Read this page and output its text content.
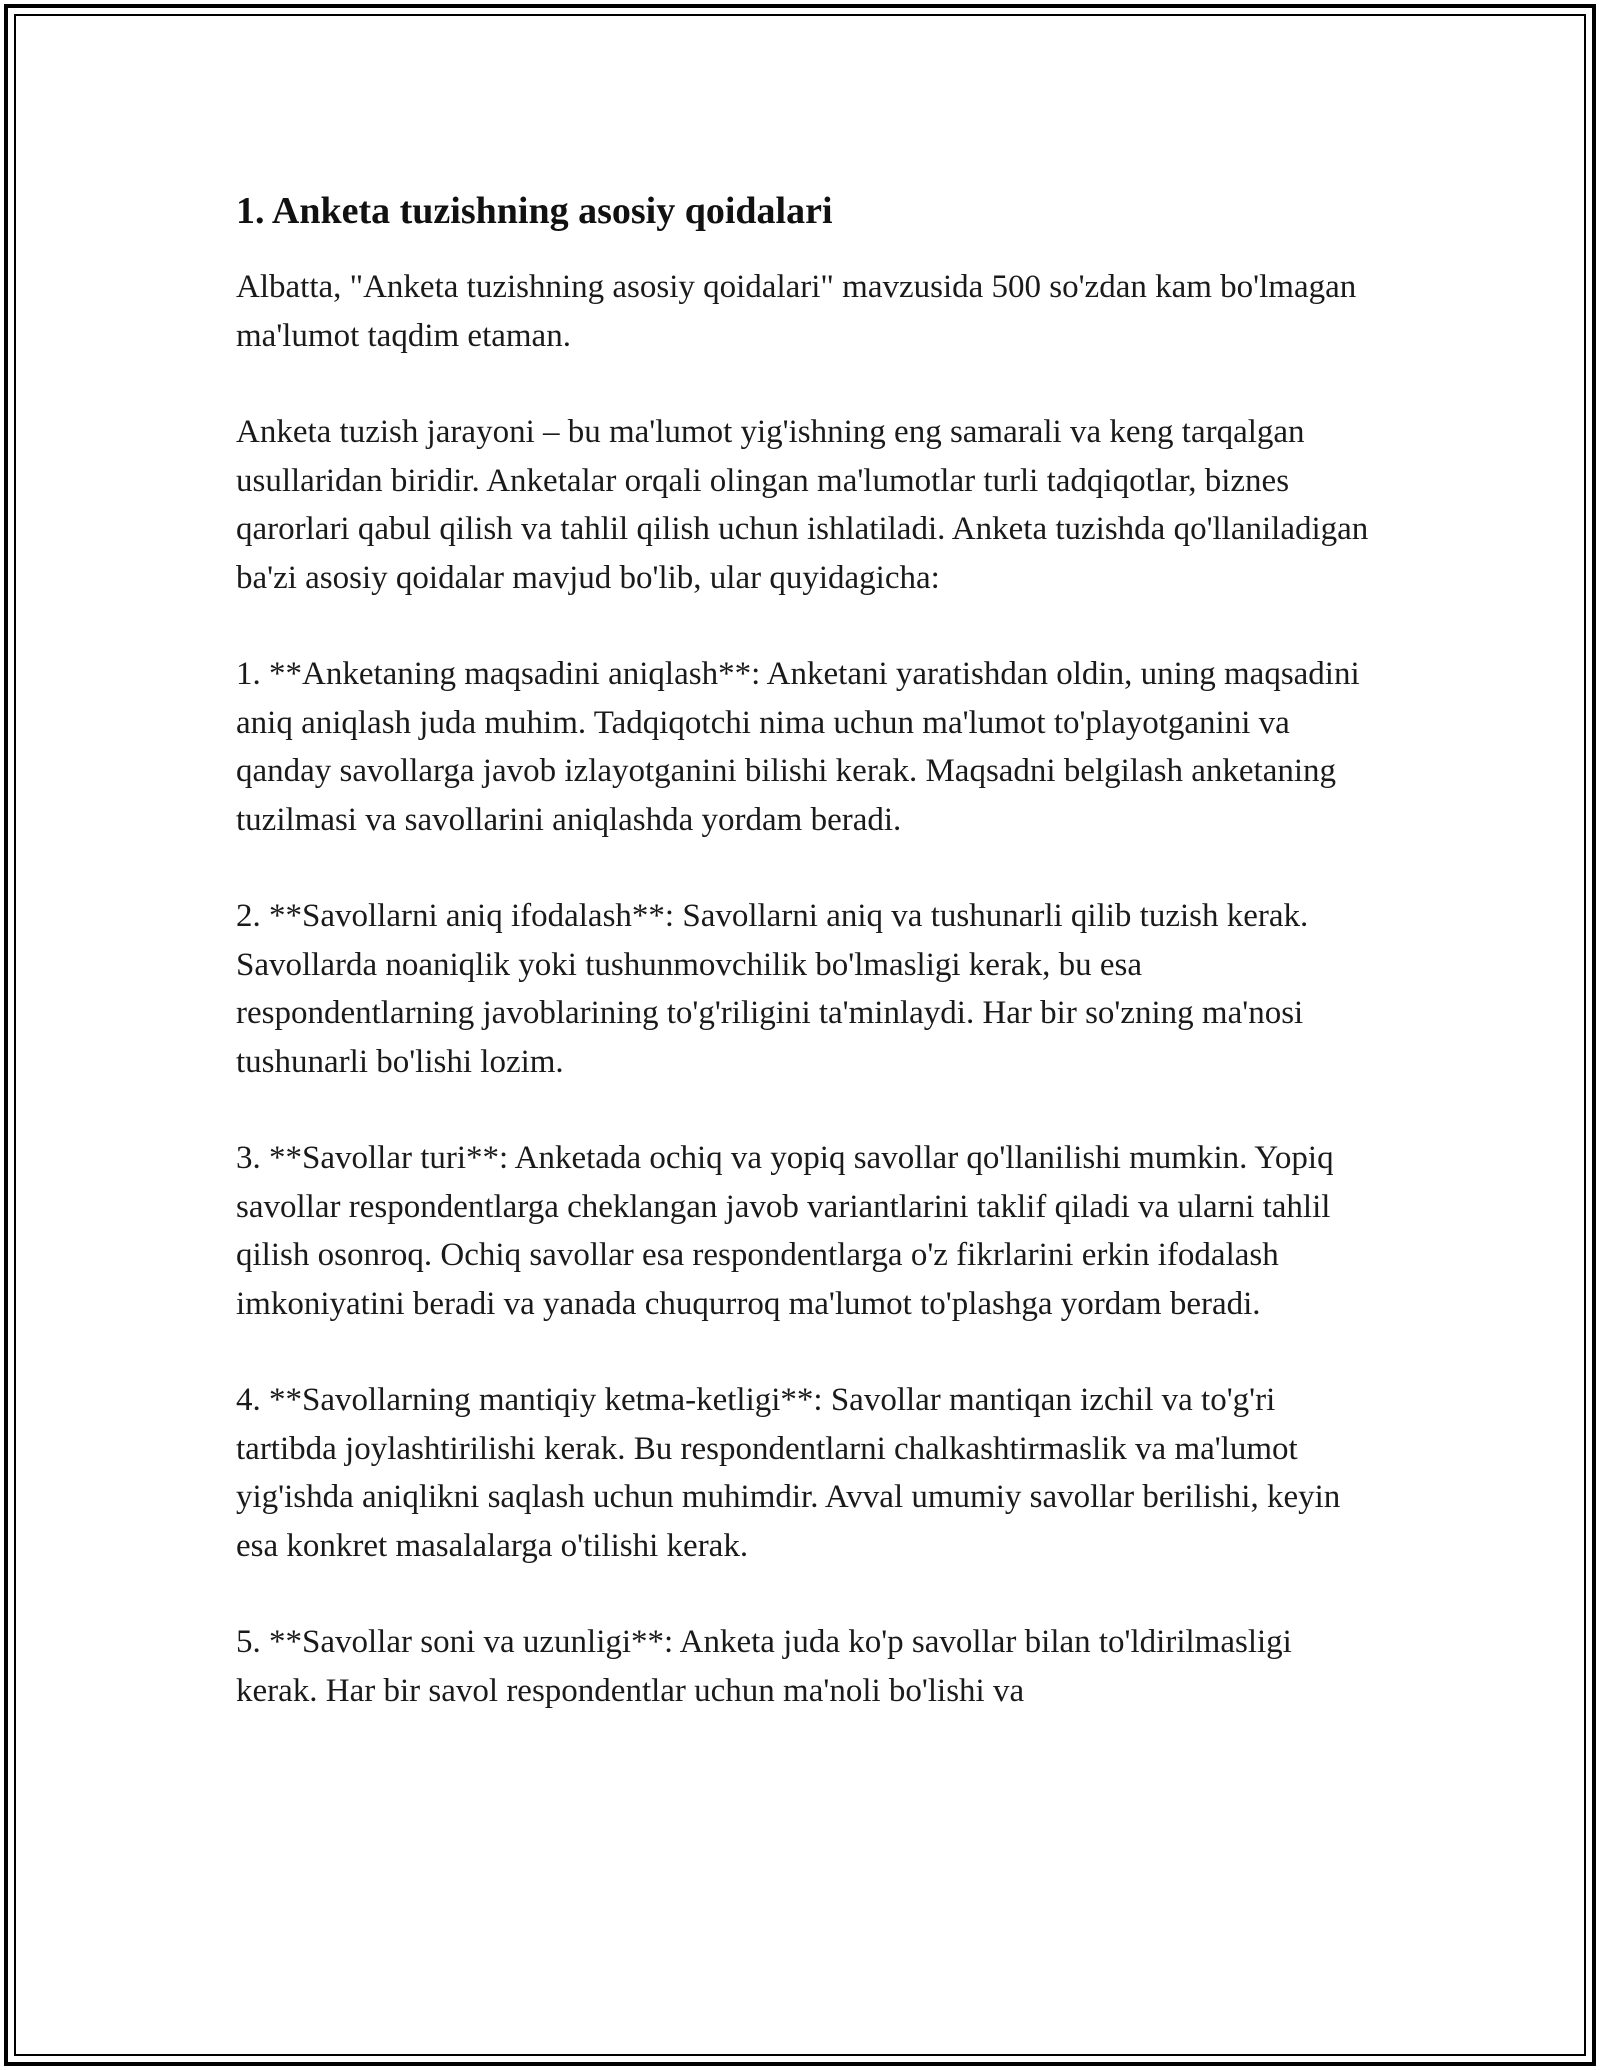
1. Anketa tuzishning asosiy qoidalari

Albatta, "Anketa tuzishning asosiy qoidalari" mavzusida 500 so'zdan kam bo'lmagan ma'lumot taqdim etaman.

Anketa tuzish jarayoni – bu ma'lumot yig'ishning eng samarali va keng tarqalgan usullaridan biridir. Anketalar orqali olingan ma'lumotlar turli tadqiqotlar, biznes qarorlari qabul qilish va tahlil qilish uchun ishlatiladi. Anketa tuzishda qo'llaniladigan ba'zi asosiy qoidalar mavjud bo'lib, ular quyidagicha:

1. **Anketaning maqsadini aniqlash**: Anketani yaratishdan oldin, uning maqsadini aniq aniqlash juda muhim. Tadqiqotchi nima uchun ma'lumot to'playotganini va qanday savollarga javob izlayotganini bilishi kerak. Maqsadni belgilash anketaning tuzilmasi va savollarini aniqlashda yordam beradi.

2. **Savollarni aniq ifodalash**: Savollarni aniq va tushunarli qilib tuzish kerak. Savollarda noaniqlik yoki tushunmovchilik bo'lmasligi kerak, bu esa respondentlarning javoblarining to'g'riligini ta'minlaydi. Har bir so'zning ma'nosi tushunarli bo'lishi lozim.

3. **Savollar turi**: Anketada ochiq va yopiq savollar qo'llanilishi mumkin. Yopiq savollar respondentlarga cheklangan javob variantlarini taklif qiladi va ularni tahlil qilish osonroq. Ochiq savollar esa respondentlarga o'z fikrlarini erkin ifodalash imkoniyatini beradi va yanada chuqurroq ma'lumot to'plashga yordam beradi.

4. **Savollarning mantiqiy ketma-ketligi**: Savollar mantiqan izchil va to'g'ri tartibda joylashtirilishi kerak. Bu respondentlarni chalkashtirmaslik va ma'lumot yig'ishda aniqlikni saqlash uchun muhimdir. Avval umumiy savollar berilishi, keyin esa konkret masalalarga o'tilishi kerak.

5. **Savollar soni va uzunligi**: Anketa juda ko'p savollar bilan to'ldirilmasligi kerak. Har bir savol respondentlar uchun ma'noli bo'lishi va
